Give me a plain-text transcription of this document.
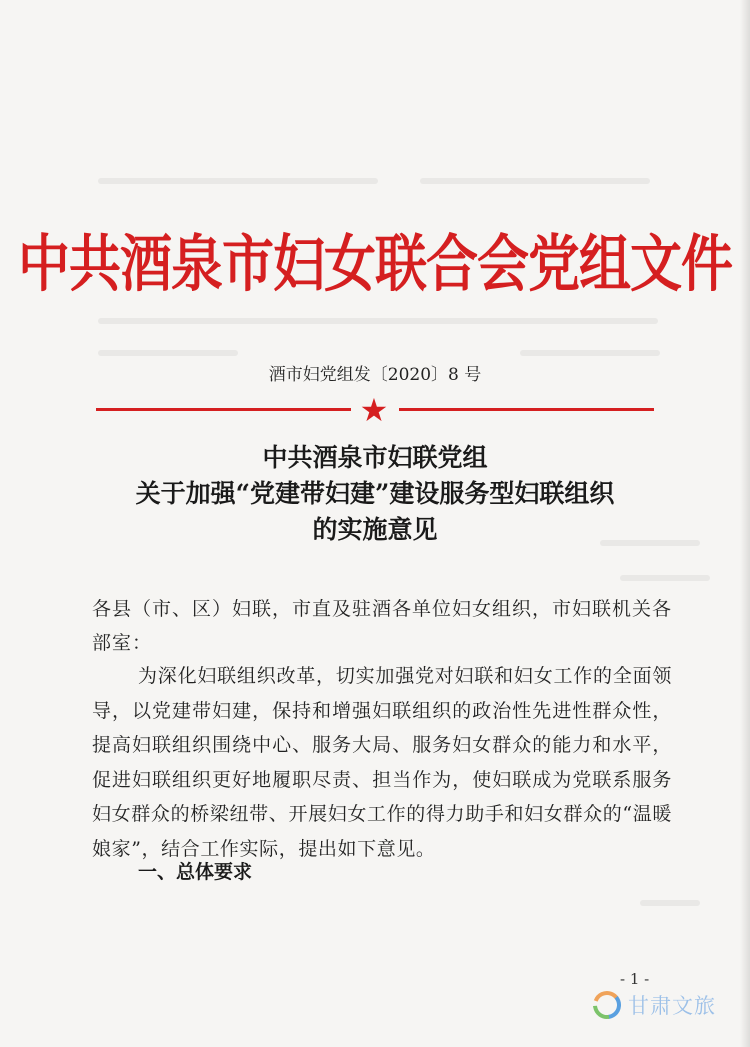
中共酒泉市妇女联合会党组文件
酒市妇党组发〔2020〕8 号
★
中共酒泉市妇联党组
关于加强“党建带妇建”建设服务型妇联组织
的实施意见
各县（市、区）妇联，市直及驻酒各单位妇女组织，市妇联机关各部室：
为深化妇联组织改革，切实加强党对妇联和妇女工作的全面领导，以党建带妇建，保持和增强妇联组织的政治性先进性群众性，提高妇联组织围绕中心、服务大局、服务妇女群众的能力和水平，促进妇联组织更好地履职尽责、担当作为，使妇联成为党联系服务妇女群众的桥梁纽带、开展妇女工作的得力助手和妇女群众的“温暖娘家”，结合工作实际，提出如下意见。
一、总体要求
- 1 -
甘肃文旅
